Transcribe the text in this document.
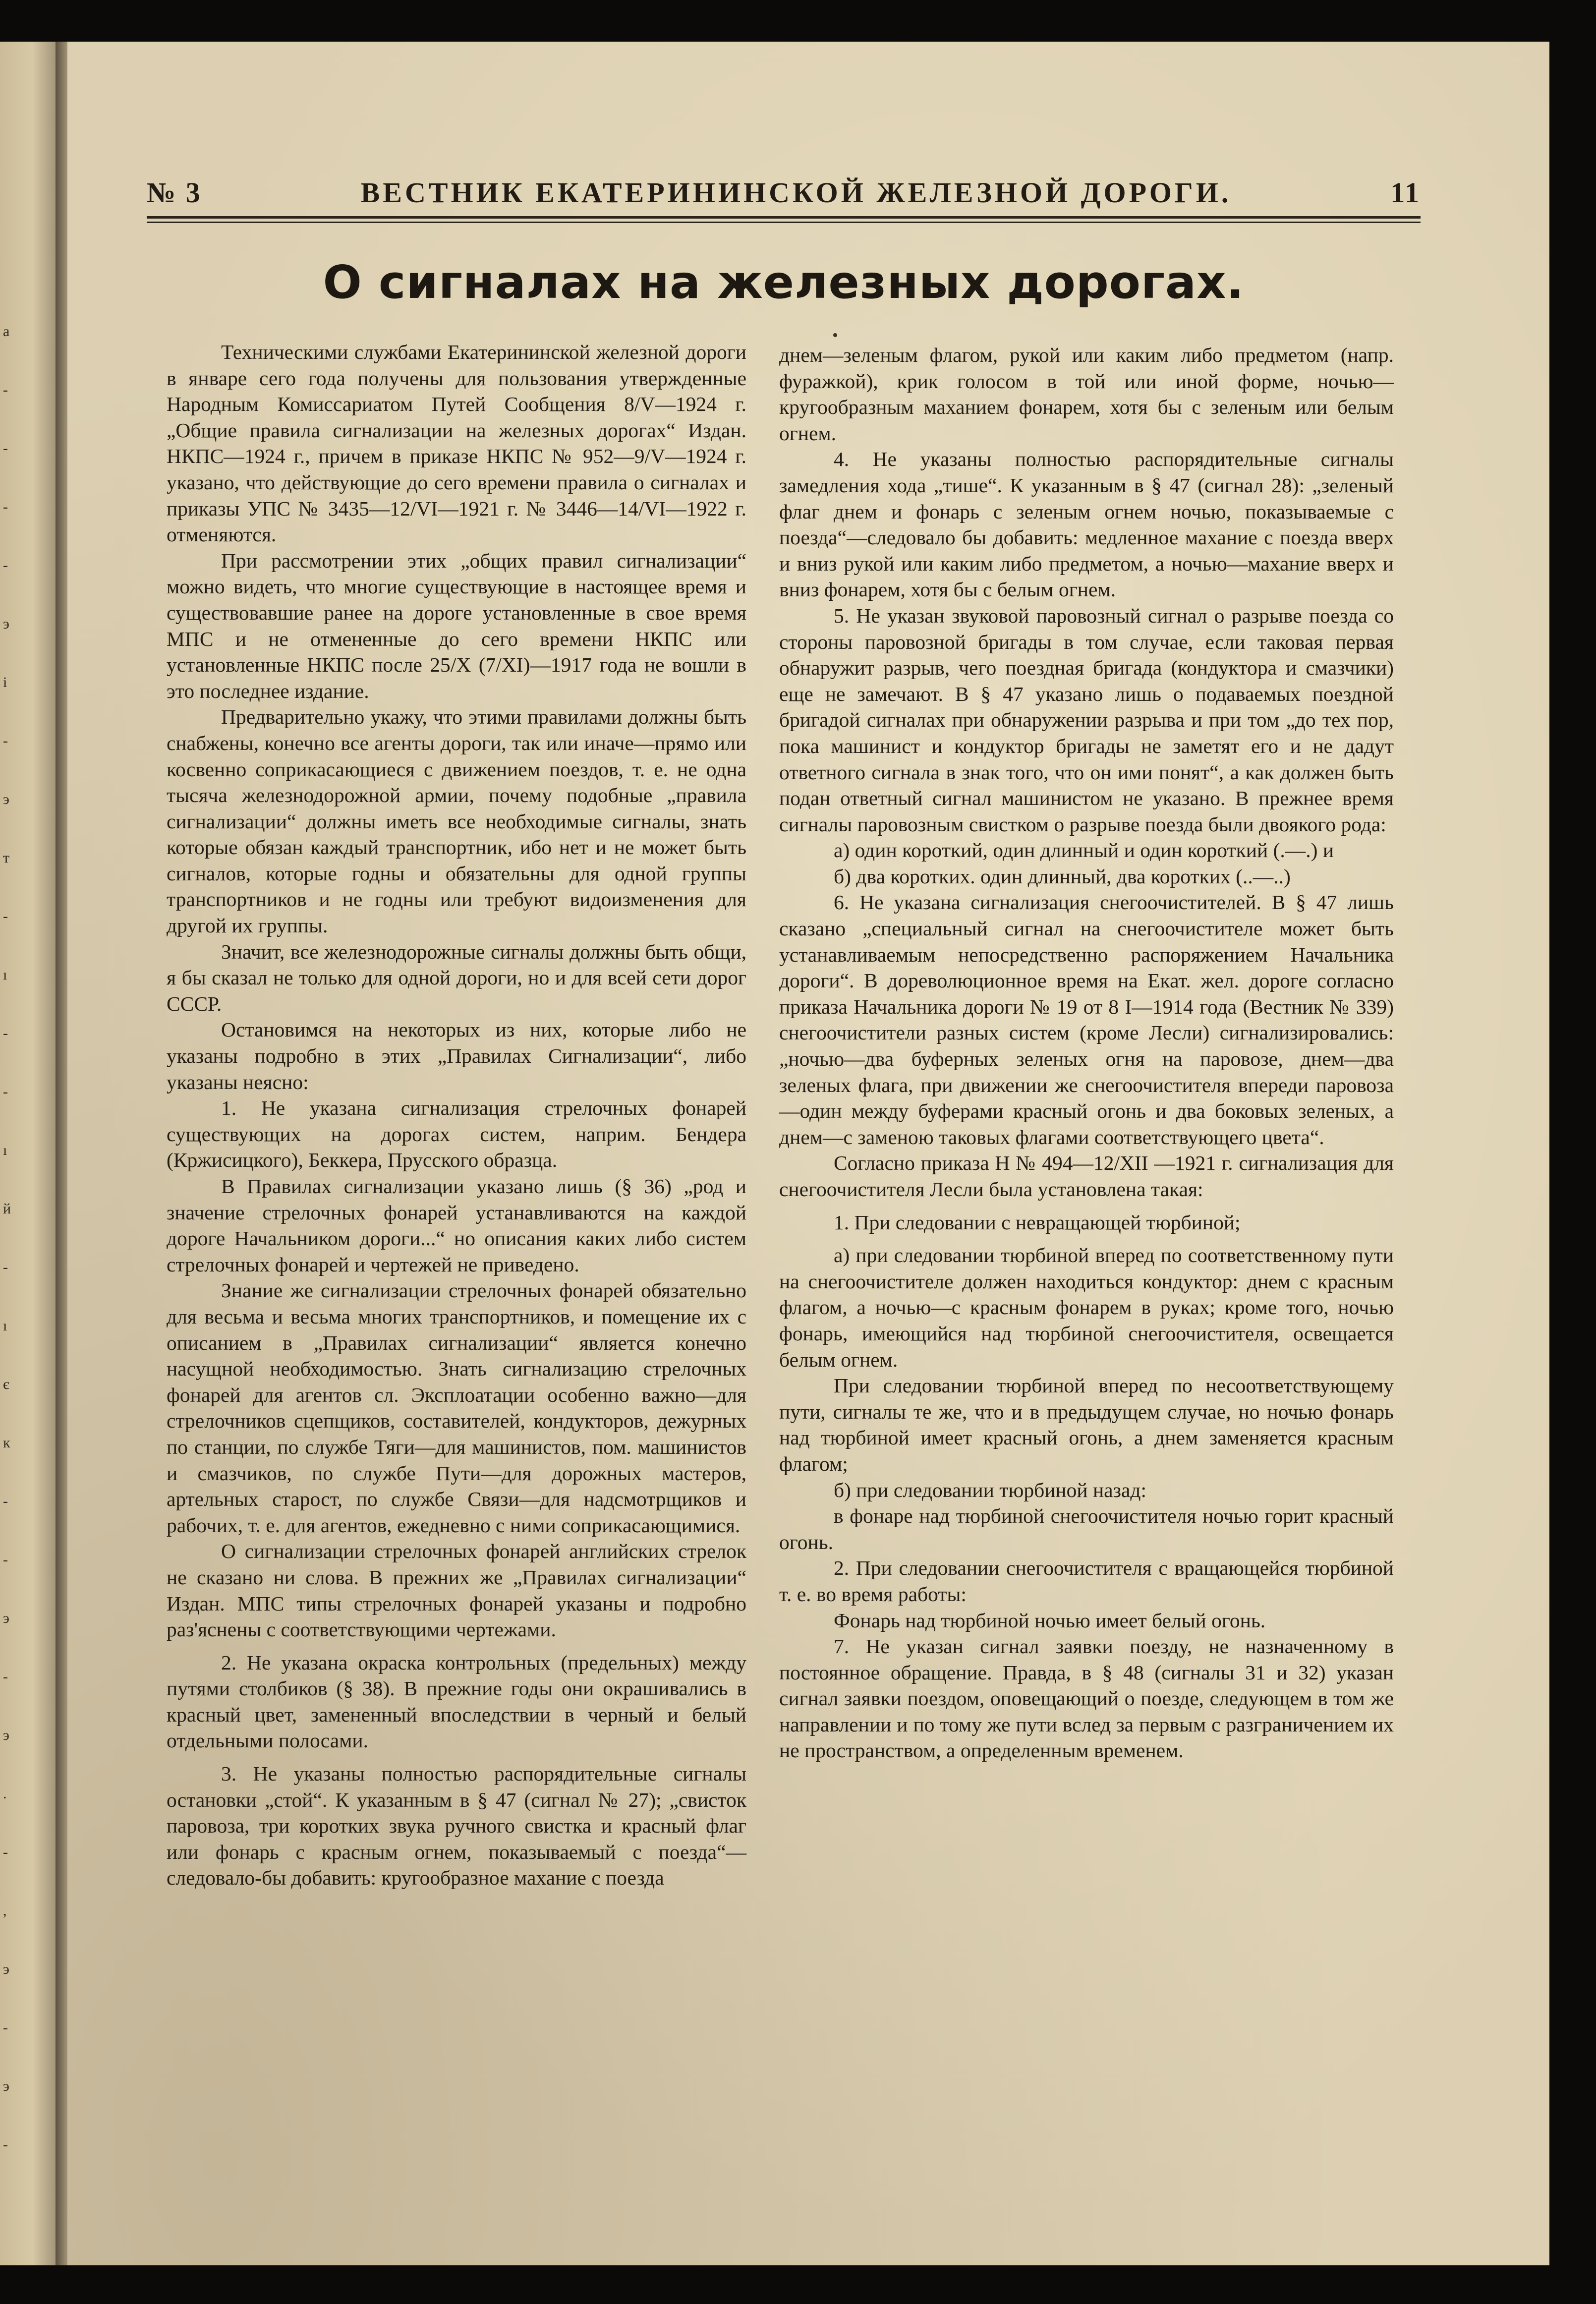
а
-
-
-
-
э
і
-
э
т
-
ı
-
-
ı
й
-
ı
є
к
-
-
э
-
э
.
-
,
э
-
э
-
№ 3	ВЕСТНИК ЕКАТЕРИНИНСКОЙ ЖЕЛЕЗНОЙ ДОРОГИ.	11
О сигналах на железных дорогах.

Техническими службами Екатерининской железной дороги в январе сего года получены для пользования утвержденные Народным Комиссариатом Путей Сообщения 8/V—1924 г. „Общие правила сигнализации на железных дорогах“ Издан. НКПС—1924 г., причем в приказе НКПС № 952—9/V—1924 г. указано, что действующие до сего времени правила о сигналах и приказы УПС № 3435—12/VI—1921 г. № 3446—14/VI—1922 г. отменяются.

При рассмотрении этих „общих правил сигнализации“ можно видеть, что многие существующие в настоящее время и существовавшие ранее на дороге установленные в свое время МПС и не отмененные до сего времени НКПС или установленные НКПС после 25/X (7/XI)—1917 года не вошли в это последнее издание.

Предварительно укажу, что этими правилами должны быть снабжены, конечно все агенты дороги, так или иначе—прямо или косвенно соприкасающиеся с движением поездов, т. е. не одна тысяча железнодорожной армии, почему подобные „правила сигнализации“ должны иметь все необходимые сигналы, знать которые обязан каждый транспортник, ибо нет и не может быть сигналов, которые годны и обязательны для одной группы транспортников и не годны или требуют видоизменения для другой их группы.

Значит, все железнодорожные сигналы должны быть общи, я бы сказал не только для одной дороги, но и для всей сети дорог СССР.

Остановимся на некоторых из них, которые либо не указаны подробно в этих „Правилах Сигнализации“, либо указаны неясно:

1. Не указана сигнализация стрелочных фонарей существующих на дорогах систем, наприм. Бендера (Кржисицкого), Беккера, Прусского образца.

В Правилах сигнализации указано лишь (§ 36) „род и значение стрелочных фонарей устанавливаются на каждой дороге Начальником дороги...“ но описания каких либо систем стрелочных фонарей и чертежей не приведено.

Знание же сигнализации стрелочных фонарей обязательно для весьма и весьма многих транспортников, и помещение их с описанием в „Правилах сигнализации“ является конечно насущной необходимостью. Знать сигнализацию стрелочных фонарей для агентов сл. Эксплоатации особенно важно—для стрелочников сцепщиков, составителей, кондукторов, дежурных по станции, по службе Тяги—для машинистов, пом. машинистов и смазчиков, по службе Пути—для дорожных мастеров, артельных старост, по службе Связи—для надсмотрщиков и рабочих, т. е. для агентов, ежедневно с ними соприкасающимися.

О сигнализации стрелочных фонарей английских стрелок не сказано ни слова. В прежних же „Правилах сигнализации“ Издан. МПС типы стрелочных фонарей указаны и подробно раз'яснены с соответствующими чертежами.

2. Не указана окраска контрольных (предельных) между путями столбиков (§ 38). В прежние годы они окрашивались в красный цвет, замененный впоследствии в черный и белый отдельными полосами.

3. Не указаны полностью распорядительные сигналы остановки „стой“. К указанным в § 47 (сигнал № 27); „свисток паровоза, три коротких звука ручного свистка и красный флаг или фонарь с красным огнем, показываемый с поезда“—следовало-бы добавить: кругообразное махание с поезда

днем—зеленым флагом, рукой или каким либо предметом (напр. фуражкой), крик голосом в той или иной форме, ночью—кругообразным маханием фонарем, хотя бы с зеленым или белым огнем.

4. Не указаны полностью распорядительные сигналы замедления хода „тише“. К указанным в § 47 (сигнал 28): „зеленый флаг днем и фонарь с зеленым огнем ночью, показываемые с поезда“—следовало бы добавить: медленное махание с поезда вверх и вниз рукой или каким либо предметом, а ночью—махание вверх и вниз фонарем, хотя бы с белым огнем.

5. Не указан звуковой паровозный сигнал о разрыве поезда со стороны паровозной бригады в том случае, если таковая первая обнаружит разрыв, чего поездная бригада (кондуктора и смазчики) еще не замечают. В § 47 указано лишь о подаваемых поездной бригадой сигналах при обнаружении разрыва и при том „до тех пор, пока машинист и кондуктор бригады не заметят его и не дадут ответного сигнала в знак того, что он ими понят“, а как должен быть подан ответный сигнал машинистом не указано. В прежнее время сигналы паровозным свистком о разрыве поезда были двоякого рода:

а) один короткий, один длинный и один короткий (.—.) и

б) два коротких. один длинный, два коротких (..—..)

6. Не указана сигнализация снегоочистителей. В § 47 лишь сказано „специальный сигнал на снегоочистителе может быть устанавливаемым непосредственно распоряжением Начальника дороги“. В дореволюционное время на Екат. жел. дороге согласно приказа Начальника дороги № 19 от 8 I—1914 года (Вестник № 339) снегоочистители разных систем (кроме Лесли) сигнализировались: „ночью—два буферных зеленых огня на паровозе, днем—два зеленых флага, при движении же снегоочистителя впереди паровоза—один между буферами красный огонь и два боковых зеленых, а днем—с заменою таковых флагами соответствующего цвета“.

Согласно приказа Н № 494—12/XII —1921 г. сигнализация для снегоочистителя Лесли была установлена такая:

1. При следовании с невращающей тюрбиной;

а) при следовании тюрбиной вперед по соответственному пути на снегоочистителе должен находиться кондуктор: днем с красным флагом, а ночью—с красным фонарем в руках; кроме того, ночью фонарь, имеющийся над тюрбиной снегоочистителя, освещается белым огнем.

При следовании тюрбиной вперед по несоответствующему пути, сигналы те же, что и в предыдущем случае, но ночью фонарь над тюрбиной имеет красный огонь, а днем заменяется красным флагом;

б) при следовании тюрбиной назад:

в фонаре над тюрбиной снегоочистителя ночью горит красный огонь.

2. При следовании снегоочистителя с вращающейся тюрбиной т. е. во время работы:

Фонарь над тюрбиной ночью имеет белый огонь.

7. Не указан сигнал заявки поезду, не назначенному в постоянное обращение. Правда, в § 48 (сигналы 31 и 32) указан сигнал заявки поездом, оповещающий о поезде, следующем в том же направлении и по тому же пути вслед за первым с разграничением их не пространством, а определенным временем.
